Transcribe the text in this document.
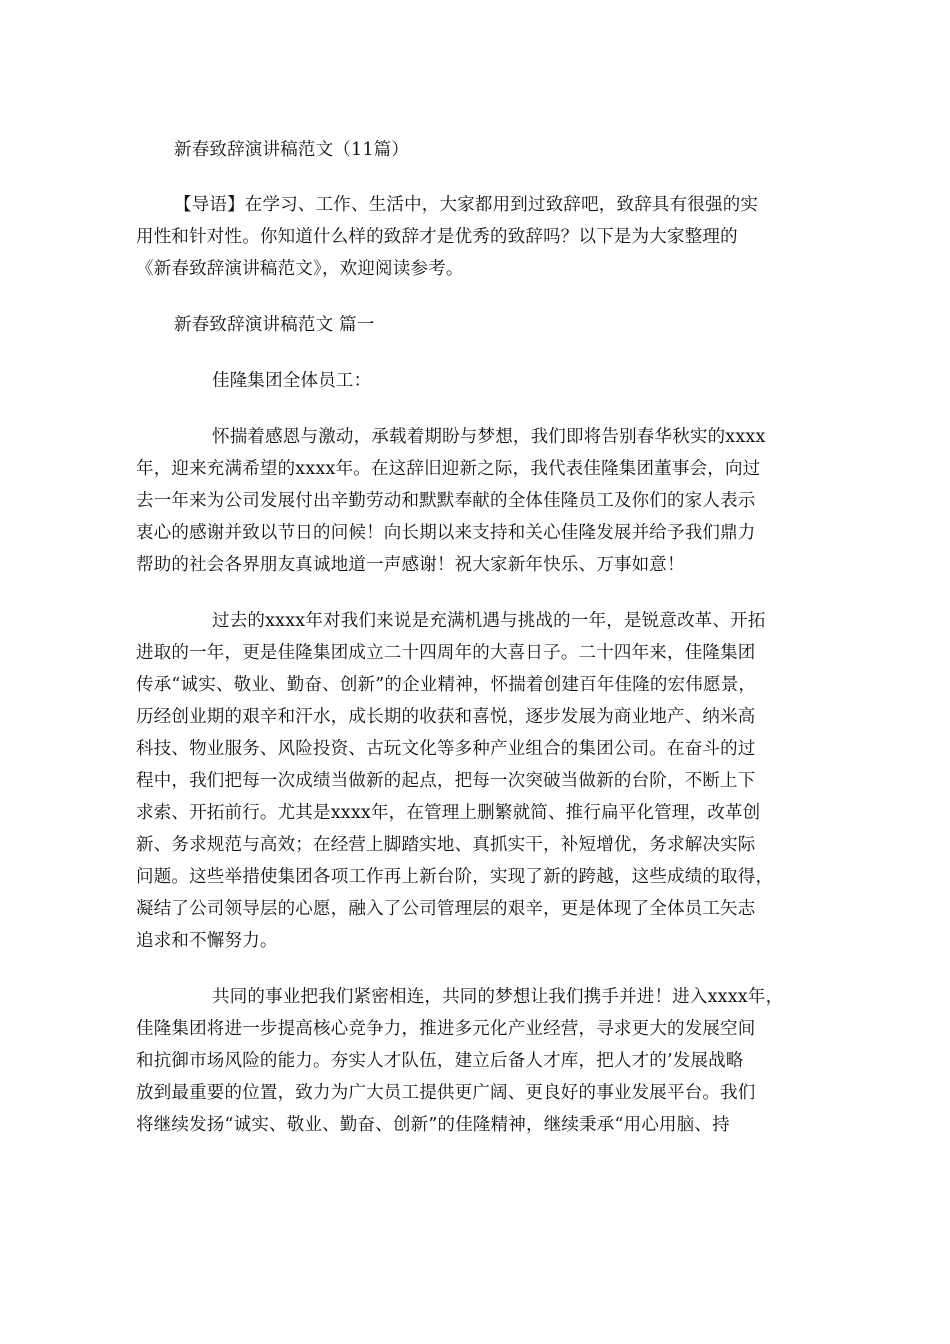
新春致辞演讲稿范文（11篇）
【导语】在学习、工作、生活中，大家都用到过致辞吧，致辞具有很强的实
用性和针对性。你知道什么样的致辞才是优秀的致辞吗？以下是为大家整理的
《新春致辞演讲稿范文》，欢迎阅读参考。
新春致辞演讲稿范文 篇一
佳隆集团全体员工：
怀揣着感恩与激动，承载着期盼与梦想，我们即将告别春华秋实的xxxx
年，迎来充满希望的xxxx年。在这辞旧迎新之际，我代表佳隆集团董事会，向过
去一年来为公司发展付出辛勤劳动和默默奉献的全体佳隆员工及你们的家人表示
衷心的感谢并致以节日的问候！向长期以来支持和关心佳隆发展并给予我们鼎力
帮助的社会各界朋友真诚地道一声感谢！祝大家新年快乐、万事如意！
过去的xxxx年对我们来说是充满机遇与挑战的一年，是锐意改革、开拓
进取的一年，更是佳隆集团成立二十四周年的大喜日子。二十四年来，佳隆集团
传承“诚实、敬业、勤奋、创新”的企业精神，怀揣着创建百年佳隆的宏伟愿景，
历经创业期的艰辛和汗水，成长期的收获和喜悦，逐步发展为商业地产、纳米高
科技、物业服务、风险投资、古玩文化等多种产业组合的集团公司。在奋斗的过
程中，我们把每一次成绩当做新的起点，把每一次突破当做新的台阶，不断上下
求索、开拓前行。尤其是xxxx年，在管理上删繁就简、推行扁平化管理，改革创
新、务求规范与高效；在经营上脚踏实地、真抓实干，补短增优，务求解决实际
问题。这些举措使集团各项工作再上新台阶，实现了新的跨越，这些成绩的取得，
凝结了公司领导层的心愿，融入了公司管理层的艰辛，更是体现了全体员工矢志
追求和不懈努力。
共同的事业把我们紧密相连，共同的梦想让我们携手并进！进入xxxx年，
佳隆集团将进一步提高核心竞争力，推进多元化产业经营，寻求更大的发展空间
和抗御市场风险的能力。夯实人才队伍，建立后备人才库，把人才的’发展战略
放到最重要的位置，致力为广大员工提供更广阔、更良好的事业发展平台。我们
将继续发扬“诚实、敬业、勤奋、创新”的佳隆精神，继续秉承“用心用脑、持
